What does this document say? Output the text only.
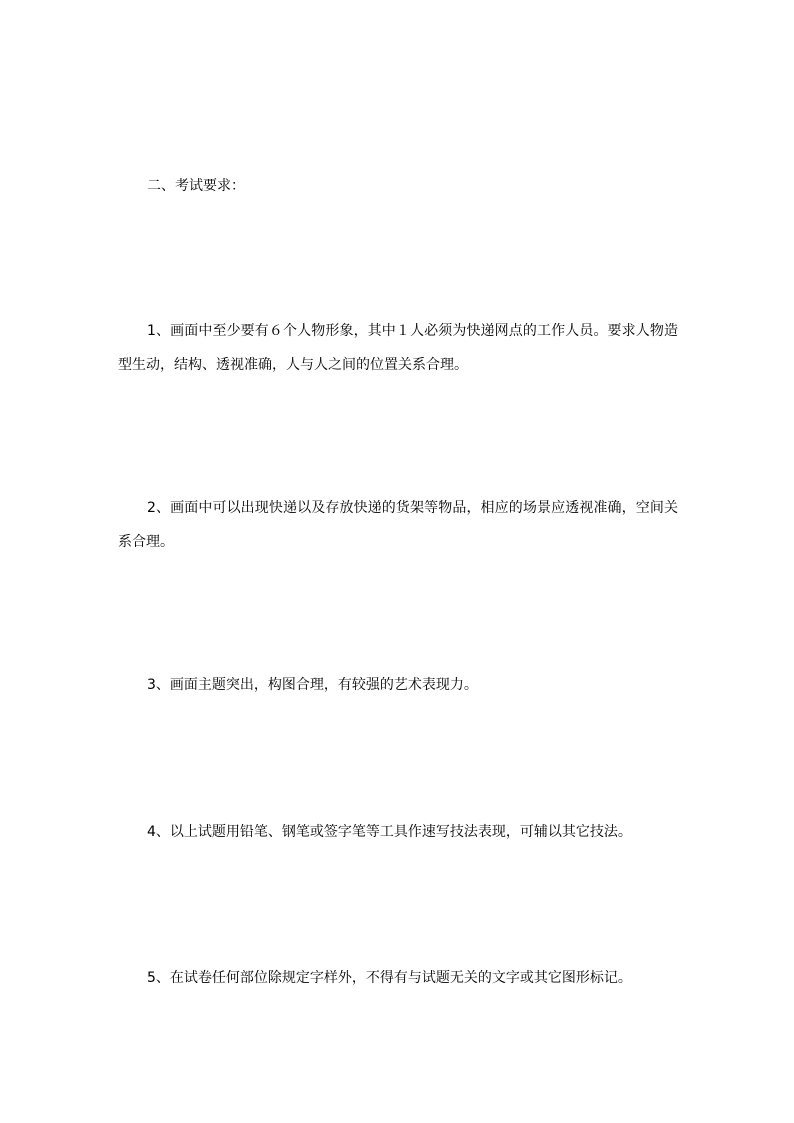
二、考试要求：

1、画面中至少要有６个人物形象，其中１人必须为快递网点的工作人员。要求人物造型生动，结构、透视准确，人与人之间的位置关系合理。

2、画面中可以出现快递以及存放快递的货架等物品，相应的场景应透视准确，空间关系合理。

3、画面主题突出，构图合理，有较强的艺术表现力。

4、以上试题用铅笔、钢笔或签字笔等工具作速写技法表现，可辅以其它技法。

5、在试卷任何部位除规定字样外，不得有与试题无关的文字或其它图形标记。
